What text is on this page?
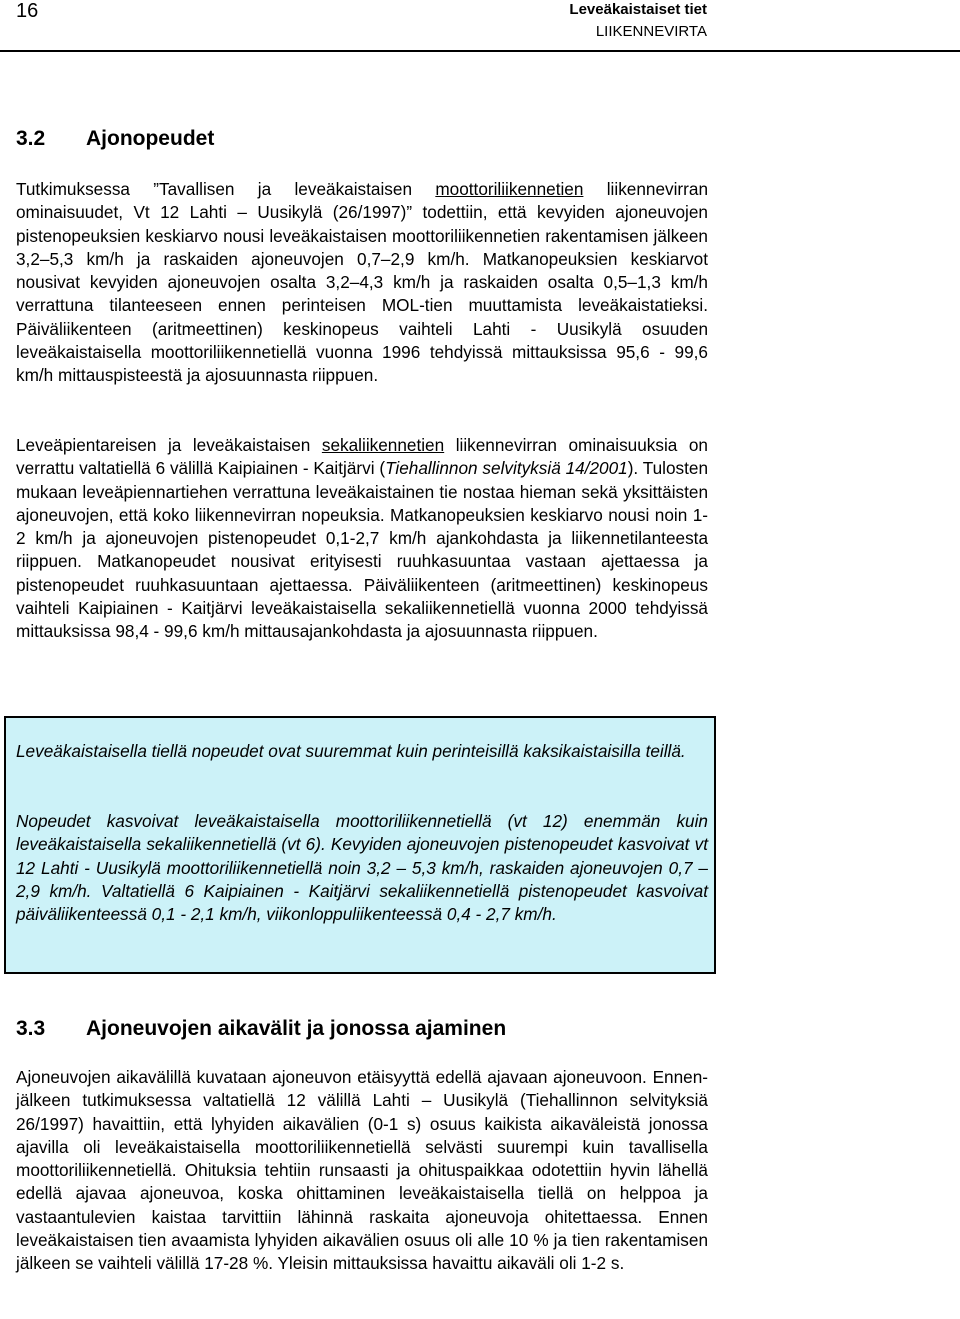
16	Leveäkaistaiset tiet
LIIKENNEVIRTA
3.2 Ajonopeudet
Tutkimuksessa ”Tavallisen ja leveäkaistaisen moottoriliikennetien liikennevirran ominaisuudet, Vt 12 Lahti – Uusikylä (26/1997)” todettiin, että kevyiden ajoneuvojen pistenopeuksien keskiarvo nousi leveäkaistaisen moottoriliikennetien rakentamisen jälkeen 3,2–5,3 km/h ja raskaiden ajoneuvojen 0,7–2,9 km/h. Matkanopeuksien keskiarvot nousivat kevyiden ajoneuvojen osalta 3,2–4,3 km/h ja raskaiden osalta 0,5–1,3 km/h verrattuna tilanteeseen ennen perinteisen MOL-tien muuttamista leveäkaistatieksi. Päiväliikenteen (aritmeettinen) keskinopeus vaihteli Lahti - Uusikylä osuuden leveäkaistaisella moottoriliikennetiellä vuonna 1996 tehdyissä mittauksissa 95,6 - 99,6 km/h mittauspisteestä ja ajosuunnasta riippuen.
Leveäpientareisen ja leveäkaistaisen sekaliikennetien liikennevirran ominaisuuksia on verrattu valtatiellä 6 välillä Kaipiainen - Kaitjärvi (Tiehallinnon selvityksiä 14/2001). Tulosten mukaan leveäpiennartiehen verrattuna leveäkaistainen tie nostaa hieman sekä yksittäisten ajoneuvojen, että koko liikennevirran nopeuksia. Matkanopeuksien keskiarvo nousi noin 1-2 km/h ja ajoneuvojen pistenopeudet 0,1-2,7 km/h ajankohdasta ja liikennetilanteesta riippuen. Matkanopeudet nousivat erityisesti ruuhkasuuntaa vastaan ajettaessa ja pistenopeudet ruuhkasuuntaan ajettaessa. Päiväliikenteen (aritmeettinen) keskinopeus vaihteli Kaipiainen - Kaitjärvi leveäkaistaisella sekaliikennetiellä vuonna 2000 tehdyissä mittauksissa 98,4 - 99,6 km/h mittausajankohdasta ja ajosuunnasta riippuen.
Leveäkaistaisella tiellä nopeudet ovat suuremmat kuin perinteisillä kaksikaistaisilla teillä.
Nopeudet kasvoivat leveäkaistaisella moottoriliikennetiellä (vt 12) enemmän kuin leveäkaistaisella sekaliikennetiellä (vt 6). Kevyiden ajoneuvojen pistenopeudet kasvoivat vt 12 Lahti - Uusikylä moottoriliikennetiellä noin 3,2 – 5,3 km/h, raskaiden ajoneuvojen 0,7 – 2,9 km/h. Valtatiellä 6 Kaipiainen - Kaitjärvi sekaliikennetiellä pistenopeudet kasvoivat päiväliikenteessä 0,1 - 2,1 km/h, viikonloppuliikenteessä 0,4 - 2,7 km/h.
3.3 Ajoneuvojen aikavälit ja jonossa ajaminen
Ajoneuvojen aikavälillä kuvataan ajoneuvon etäisyyttä edellä ajavaan ajoneuvoon. Ennen-jälkeen tutkimuksessa valtatiellä 12 välillä Lahti – Uusikylä (Tiehallinnon selvityksiä 26/1997) havaittiin, että lyhyiden aikavälien (0-1 s) osuus kaikista aikaväleistä jonossa ajavilla oli leveäkaistaisella moottoriliikennetiellä selvästi suurempi kuin tavallisella moottoriliikennetiellä. Ohituksia tehtiin runsaasti ja ohituspaikkaa odotettiin hyvin lähellä edellä ajavaa ajoneuvoa, koska ohittaminen leveäkaistaisella tiellä on helppoa ja vastaantulevien kaistaa tarvittiin lähinnä raskaita ajoneuvoja ohitettaessa. Ennen leveäkaistaisen tien avaamista lyhyiden aikavälien osuus oli alle 10 % ja tien rakentamisen jälkeen se vaihteli välillä 17-28 %. Yleisin mittauksissa havaittu aikaväli oli 1-2 s.
